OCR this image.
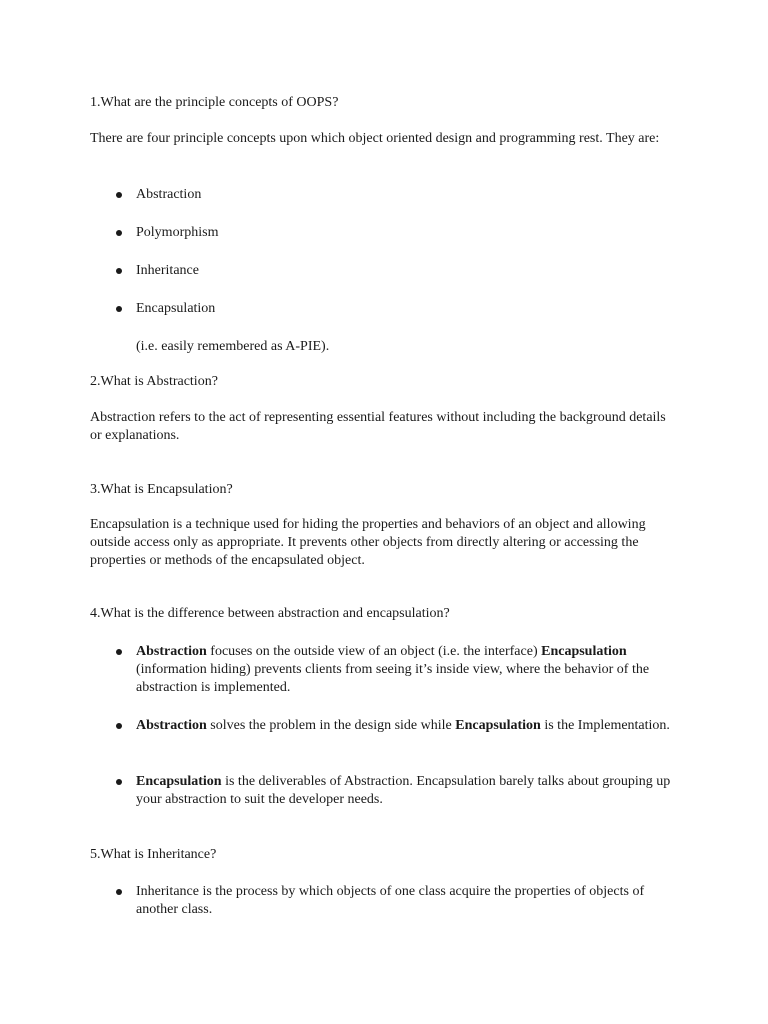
1.What are the principle concepts of OOPS?

There are four principle concepts upon which object oriented design and programming rest. They are:

Abstraction

Polymorphism

Inheritance

Encapsulation

(i.e. easily remembered as A-PIE).

2.What is Abstraction?

Abstraction refers to the act of representing essential features without including the background details or explanations.

3.What is Encapsulation?

Encapsulation is a technique used for hiding the properties and behaviors of an object and allowing outside access only as appropriate. It prevents other objects from directly altering or accessing the properties or methods of the encapsulated object.

4.What is the difference between abstraction and encapsulation?

Abstraction focuses on the outside view of an object (i.e. the interface) Encapsulation (information hiding) prevents clients from seeing it’s inside view, where the behavior of the abstraction is implemented.

Abstraction solves the problem in the design side while Encapsulation is the Implementation.

Encapsulation is the deliverables of Abstraction. Encapsulation barely talks about grouping up your abstraction to suit the developer needs.

5.What is Inheritance?

Inheritance is the process by which objects of one class acquire the properties of objects of another class.
